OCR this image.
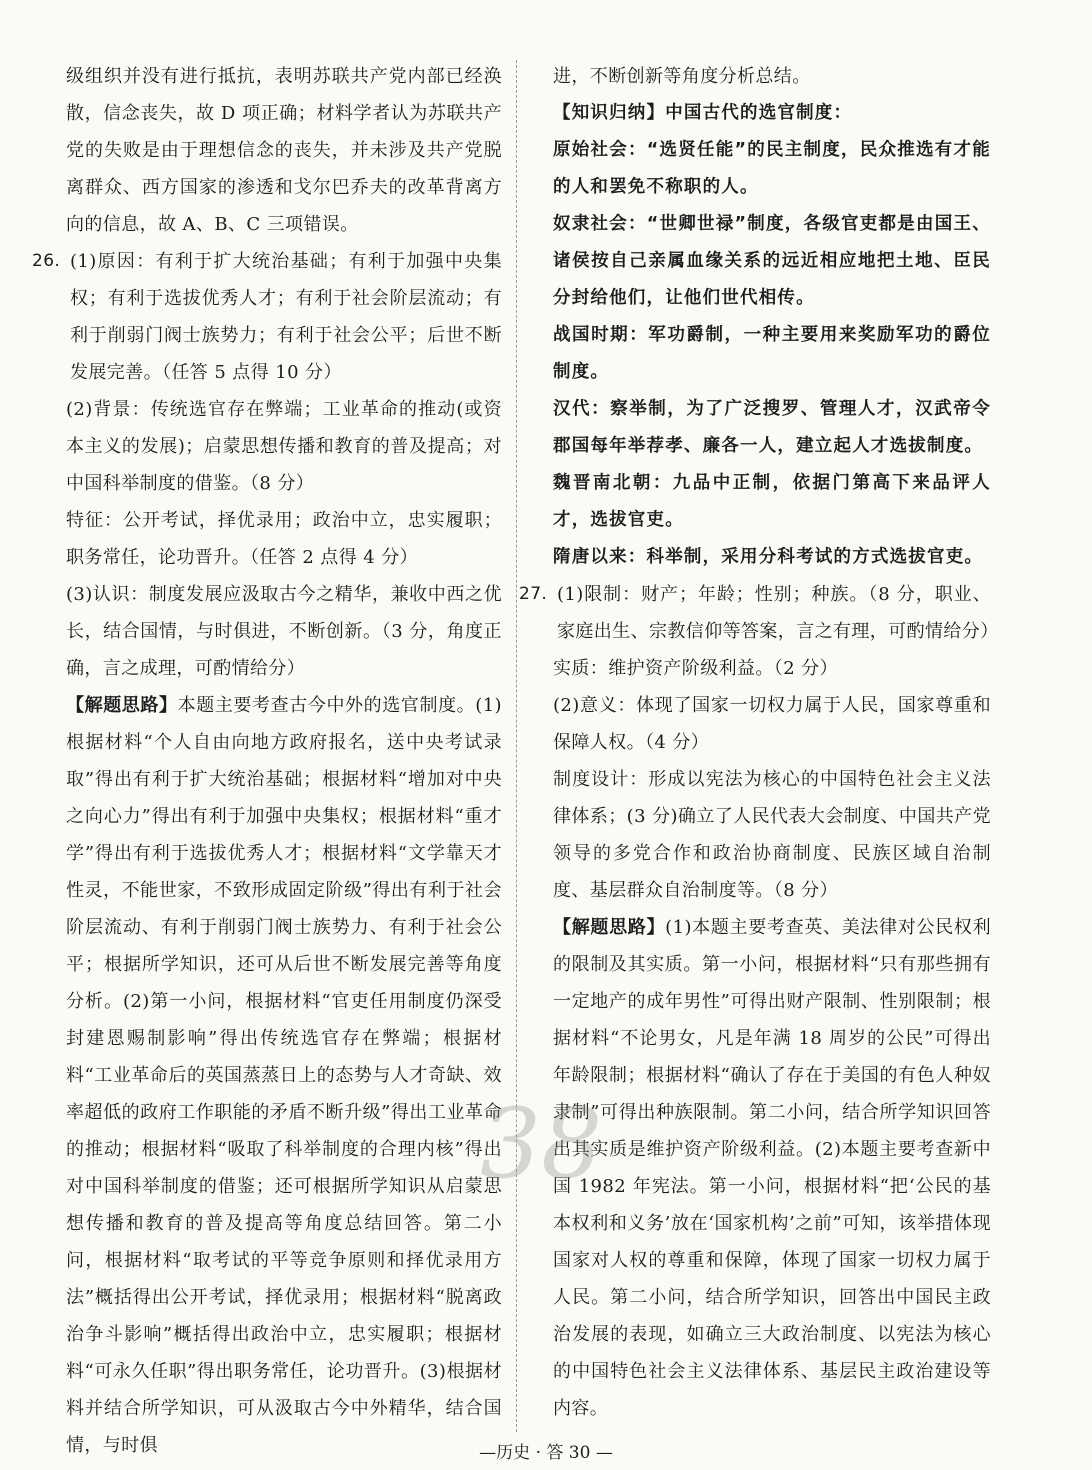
级组织并没有进行抵抗，表明苏联共产党内部已经涣散，信念丧失，故 D 项正确；材料学者认为苏联共产党的失败是由于理想信念的丧失，并未涉及共产党脱离群众、西方国家的渗透和戈尔巴乔夫的改革背离方向的信息，故 A、B、C 三项错误。

26. (1)原因：有利于扩大统治基础；有利于加强中央集权；有利于选拔优秀人才；有利于社会阶层流动；有利于削弱门阀士族势力；有利于社会公平；后世不断发展完善。（任答 5 点得 10 分）

(2)背景：传统选官存在弊端；工业革命的推动(或资本主义的发展)；启蒙思想传播和教育的普及提高；对中国科举制度的借鉴。（8 分）

特征：公开考试，择优录用；政治中立，忠实履职；职务常任，论功晋升。（任答 2 点得 4 分）

(3)认识：制度发展应汲取古今之精华，兼收中西之优长，结合国情，与时俱进，不断创新。（3 分，角度正确，言之成理，可酌情给分）

【解题思路】本题主要考查古今中外的选官制度。(1)根据材料“个人自由向地方政府报名，送中央考试录取”得出有利于扩大统治基础；根据材料“增加对中央之向心力”得出有利于加强中央集权；根据材料“重才学”得出有利于选拔优秀人才；根据材料“文学靠天才性灵，不能世家，不致形成固定阶级”得出有利于社会阶层流动、有利于削弱门阀士族势力、有利于社会公平；根据所学知识，还可从后世不断发展完善等角度分析。(2)第一小问，根据材料“官吏任用制度仍深受封建恩赐制影响”得出传统选官存在弊端；根据材料“工业革命后的英国蒸蒸日上的态势与人才奇缺、效率超低的政府工作职能的矛盾不断升级”得出工业革命的推动；根据材料“吸取了科举制度的合理内核”得出对中国科举制度的借鉴；还可根据所学知识从启蒙思想传播和教育的普及提高等角度总结回答。第二小问，根据材料“取考试的平等竞争原则和择优录用方法”概括得出公开考试，择优录用；根据材料“脱离政治争斗影响”概括得出政治中立，忠实履职；根据材料“可永久任职”得出职务常任，论功晋升。(3)根据材料并结合所学知识，可从汲取古今中外精华，结合国情，与时俱

进，不断创新等角度分析总结。

【知识归纳】中国古代的选官制度：

原始社会：“选贤任能”的民主制度，民众推选有才能的人和罢免不称职的人。

奴隶社会：“世卿世禄”制度，各级官吏都是由国王、诸侯按自己亲属血缘关系的远近相应地把土地、臣民分封给他们，让他们世代相传。

战国时期：军功爵制，一种主要用来奖励军功的爵位制度。

汉代：察举制，为了广泛搜罗、管理人才，汉武帝令郡国每年举荐孝、廉各一人，建立起人才选拔制度。

魏晋南北朝：九品中正制，依据门第高下来品评人才，选拔官吏。

隋唐以来：科举制，采用分科考试的方式选拔官吏。

27. (1)限制：财产；年龄；性别；种族。（8 分，职业、家庭出生、宗教信仰等答案，言之有理，可酌情给分）

实质：维护资产阶级利益。（2 分）

(2)意义：体现了国家一切权力属于人民，国家尊重和保障人权。（4 分）

制度设计：形成以宪法为核心的中国特色社会主义法律体系；(3 分)确立了人民代表大会制度、中国共产党领导的多党合作和政治协商制度、民族区域自治制度、基层群众自治制度等。（8 分）

【解题思路】(1)本题主要考查英、美法律对公民权利的限制及其实质。第一小问，根据材料“只有那些拥有一定地产的成年男性”可得出财产限制、性别限制；根据材料“不论男女，凡是年满 18 周岁的公民”可得出年龄限制；根据材料“确认了存在于美国的有色人种奴隶制”可得出种族限制。第二小问，结合所学知识回答出其实质是维护资产阶级利益。(2)本题主要考查新中国 1982 年宪法。第一小问，根据材料“把‘公民的基本权利和义务’放在‘国家机构’之前”可知，该举措体现国家对人权的尊重和保障，体现了国家一切权力属于人民。第二小问，结合所学知识，回答出中国民主政治发展的表现，如确立三大政治制度、以宪法为核心的中国特色社会主义法律体系、基层民主政治建设等内容。

38
—历史 · 答 30 —
